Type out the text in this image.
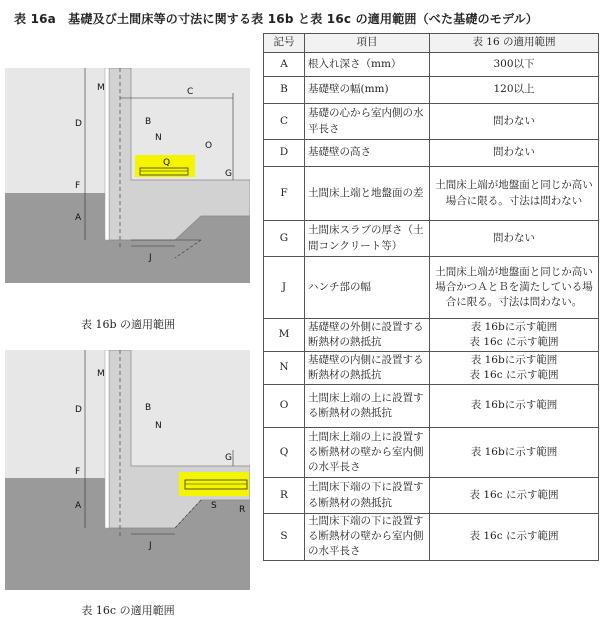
表 16a　基礎及び土間床等の寸法に関する表 16b と表 16c の適用範囲（べた基礎のモデル）
M	C
D	B
N
O
Q
F
G
A
J
表 16b の適用範囲
M
D	B
N
G
F
A	S R
J
表 16c の適用範囲
記号	項目	表 16 の適用範囲
A	根入れ深さ（mm）	300以下
B	基礎壁の幅(mm)	120以上
C	基礎の心から室内側の水平長さ	問わない
D	基礎壁の高さ	問わない
F	土間床上端と地盤面の差	土間床上端が地盤面と同じか高い場合に限る。寸法は問わない
G	土間床スラブの厚さ（土間コンクリート等）	問わない
J	ハンチ部の幅	土間床上端が地盤面と同じか高い場合かつＡとＢを満たしている場合に限る。寸法は問わない。
M	基礎壁の外側に設置する断熱材の熱抵抗	表 16bに示す範囲
表 16c に示す範囲
N	基礎壁の内側に設置する断熱材の熱抵抗	表 16bに示す範囲
表 16c に示す範囲
O	土間床上端の上に設置する断熱材の熱抵抗	表 16bに示す範囲
Q	土間床上端の上に設置する断熱材の壁から室内側の水平長さ	表 16bに示す範囲
R	土間床下端の下に設置する断熱材の熱抵抗	表 16c に示す範囲
S	土間床下端の下に設置する断熱材の壁から室内側の水平長さ	表 16c に示す範囲
